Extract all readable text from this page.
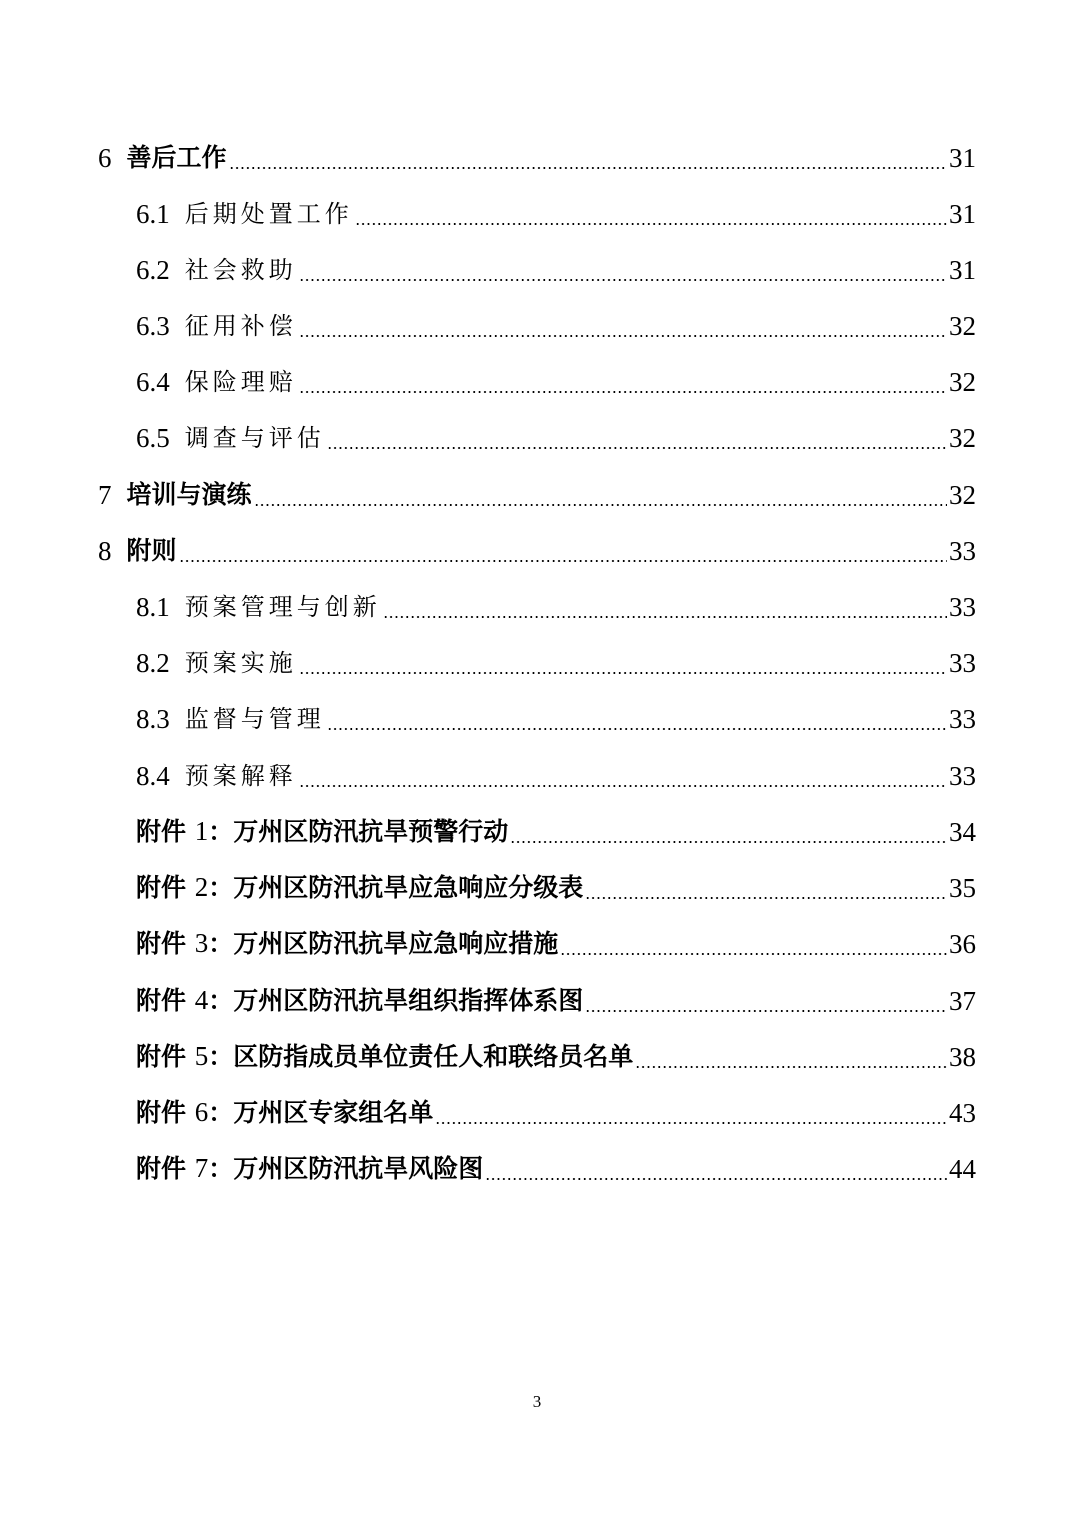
6 善后工作	31
6.1 后期处置工作	31
6.2 社会救助	31
6.3 征用补偿	32
6.4 保险理赔	32
6.5 调查与评估	32
7 培训与演练	32
8 附则	33
8.1 预案管理与创新	33
8.2 预案实施	33
8.3 监督与管理	33
8.4 预案解释	33
附件 1：万州区防汛抗旱预警行动	34
附件 2：万州区防汛抗旱应急响应分级表	35
附件 3：万州区防汛抗旱应急响应措施	36
附件 4：万州区防汛抗旱组织指挥体系图	37
附件 5：区防指成员单位责任人和联络员名单	38
附件 6：万州区专家组名单	43
附件 7：万州区防汛抗旱风险图	44
3
